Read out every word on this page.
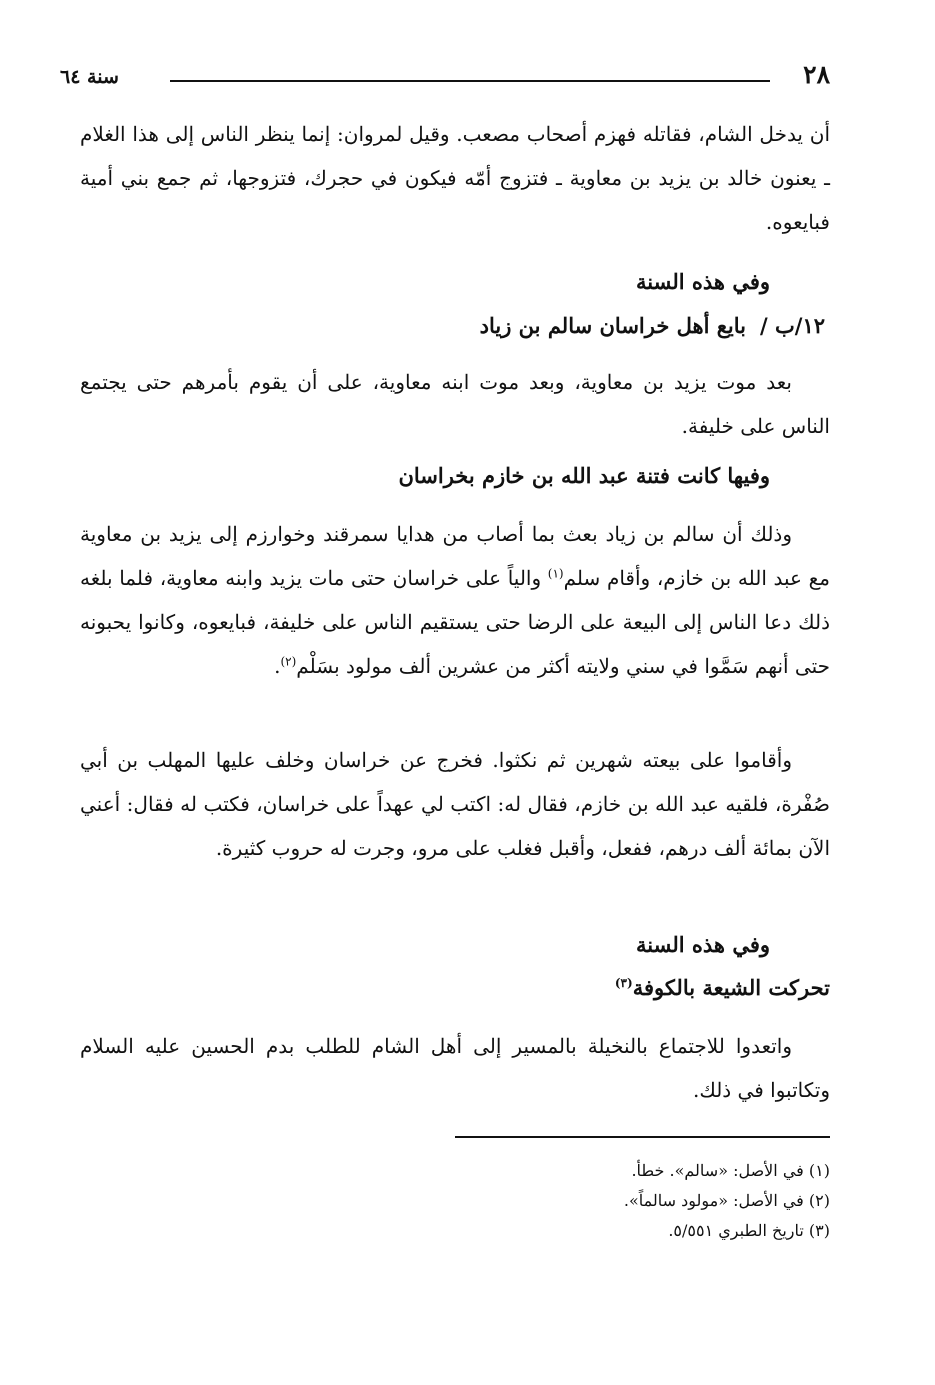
٢٨
سنة ٦٤

أن يدخل الشام، فقاتله فهزم أصحاب مصعب. وقيل لمروان: إنما ينظر الناس إلى هذا الغلام ـ يعنون خالد بن يزيد بن معاوية ـ فتزوج أمّه فيكون في حجرك، فتزوجها، ثم جمع بني أمية فبايعوه.

وفي هذه السنة
١٢/ب /بايع أهل خراسان سالم بن زياد

بعد موت يزيد بن معاوية، وبعد موت ابنه معاوية، على أن يقوم بأمرهم حتى يجتمع الناس على خليفة.

وفيها كانت فتنة عبد الله بن خازم بخراسان

وذلك أن سالم بن زياد بعث بما أصاب من هدايا سمرقند وخوارزم إلى يزيد بن معاوية مع عبد الله بن خازم، وأقام سلم$^{(١)}$ والياً على خراسان حتى مات يزيد وابنه معاوية، فلما بلغه ذلك دعا الناس إلى البيعة على الرضا حتى يستقيم الناس على خليفة، فبايعوه، وكانوا يحبونه حتى أنهم سَمَّوا في سني ولايته أكثر من عشرين ألف مولود بسَلْم$^{(٢)}$.

وأقاموا على بيعته شهرين ثم نكثوا. فخرج عن خراسان وخلف عليها المهلب بن أبي صُفْرة، فلقيه عبد الله بن خازم، فقال له: اكتب لي عهداً على خراسان، فكتب له فقال: أعني الآن بمائة ألف درهم، ففعل، وأقبل فغلب على مرو، وجرت له حروب كثيرة.

وفي هذه السنة
تحركت الشيعة بالكوفة$^{(٣)}$

واتعدوا للاجتماع بالنخيلة بالمسير إلى أهل الشام للطلب بدم الحسين عليه السلام وتكاتبوا في ذلك.

(١) في الأصل: «سالم». خطأ.
(٢) في الأصل: «مولود سالماً».
(٣) تاريخ الطبري ٥/٥٥١.
